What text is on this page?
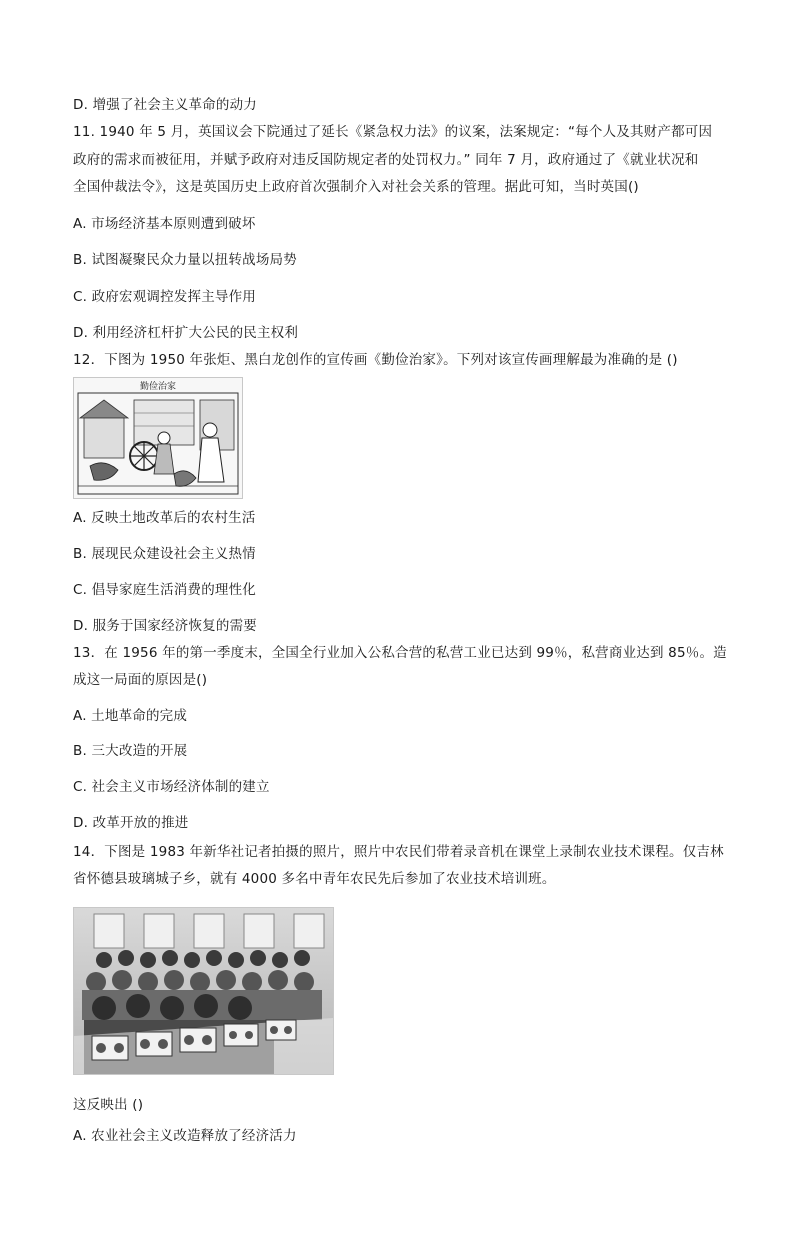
D. 增强了社会主义革命的动力
11. 1940 年 5 月，英国议会下院通过了延长《紧急权力法》的议案，法案规定：“每个人及其财产都可因
政府的需求而被征用，并赋予政府对违反国防规定者的处罚权力。” 同年 7 月，政府通过了《就业状况和
全国仲裁法令》，这是英国历史上政府首次强制介入对社会关系的管理。据此可知，当时英国()
A. 市场经济基本原则遭到破坏
B. 试图凝聚民众力量以扭转战场局势
C. 政府宏观调控发挥主导作用
D. 利用经济杠杆扩大公民的民主权利
12．下图为 1950 年张炬、黑白龙创作的宣传画《勤俭治家》。下列对该宣传画理解最为准确的是 ()
勤俭治家
A. 反映土地改革后的农村生活
B. 展现民众建设社会主义热情
C. 倡导家庭生活消费的理性化
D. 服务于国家经济恢复的需要
13．在 1956 年的第一季度末，全国全行业加入公私合营的私营工业已达到 99％，私营商业达到 85％。造
成这一局面的原因是()
A. 土地革命的完成
B. 三大改造的开展
C. 社会主义市场经济体制的建立
D. 改革开放的推进
14．下图是 1983 年新华社记者拍摄的照片，照片中农民们带着录音机在课堂上录制农业技术课程。仅吉林
省怀德县玻璃城子乡，就有 4000 多名中青年农民先后参加了农业技术培训班。
这反映出 ()
A. 农业社会主义改造释放了经济活力
